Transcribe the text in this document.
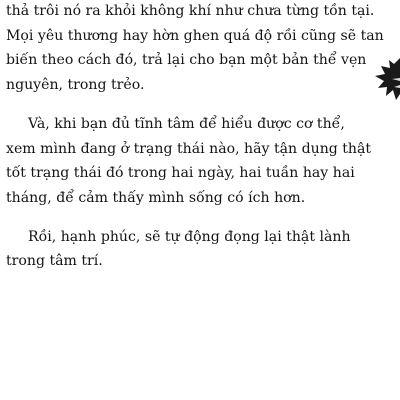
thả trôi nó ra khỏi không khí như chưa từng tồn tại.
Mọi yêu thương hay hờn ghen quá độ rồi cũng sẽ tan
biến theo cách đó, trả lại cho bạn một bản thể vẹn
nguyên, trong trẻo.
Và, khi bạn đủ tĩnh tâm để hiểu được cơ thể,
xem mình đang ở trạng thái nào, hãy tận dụng thật
tốt trạng thái đó trong hai ngày, hai tuần hay hai
tháng, để cảm thấy mình sống có ích hơn.
Rồi, hạnh phúc, sẽ tự động đọng lại thật lành
trong tâm trí.
